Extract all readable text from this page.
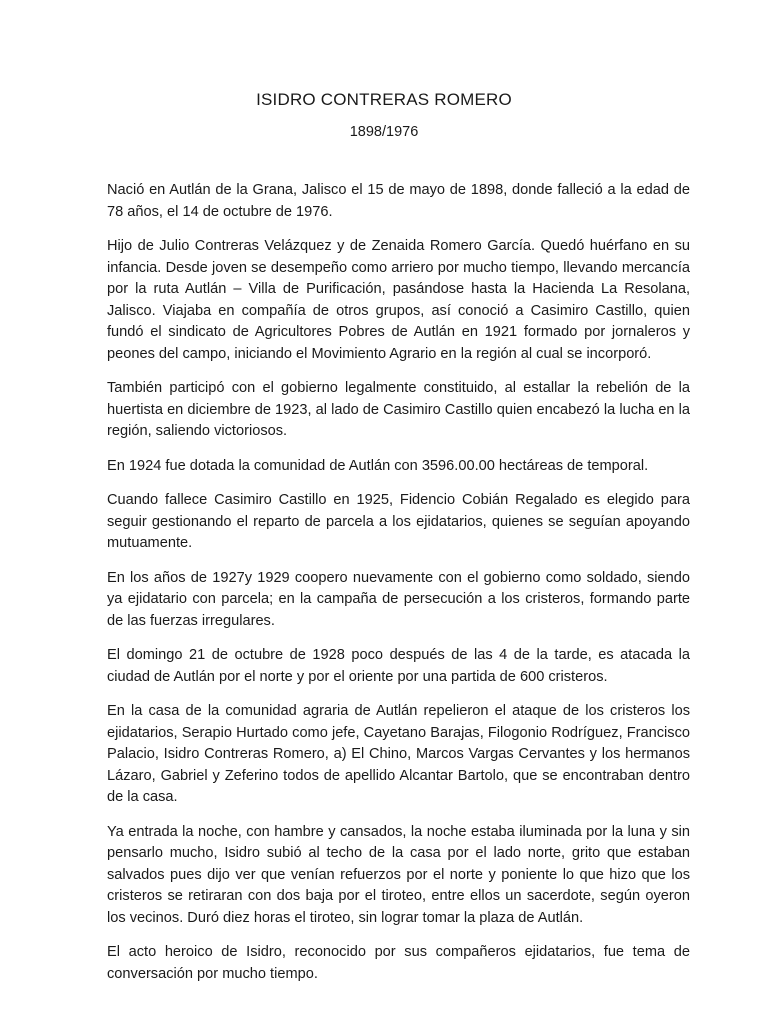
ISIDRO CONTRERAS ROMERO
1898/1976

Nació en Autlán de la Grana, Jalisco el 15 de mayo de 1898, donde falleció a la edad de 78 años, el 14 de octubre de 1976.

Hijo de Julio Contreras Velázquez y de Zenaida Romero García. Quedó huérfano en su infancia. Desde joven se desempeño como arriero por mucho tiempo, llevando mercancía por la ruta Autlán – Villa de Purificación, pasándose hasta la Hacienda La Resolana, Jalisco. Viajaba en compañía de otros grupos, así conoció a Casimiro Castillo, quien fundó el sindicato de Agricultores Pobres de Autlán en 1921 formado por jornaleros y peones del campo, iniciando el Movimiento Agrario en la región al cual se incorporó.

También participó con el gobierno legalmente constituido, al estallar la rebelión de la huertista en diciembre de 1923, al lado de Casimiro Castillo quien encabezó la lucha en la región, saliendo victoriosos.

En 1924 fue dotada la comunidad de Autlán con 3596.00.00 hectáreas de temporal.

Cuando fallece Casimiro Castillo en 1925, Fidencio Cobián Regalado es elegido para seguir gestionando el reparto de parcela a los ejidatarios, quienes se seguían apoyando mutuamente.

En los años de 1927y 1929 coopero nuevamente con el gobierno como soldado, siendo ya ejidatario con parcela; en la campaña de persecución a los cristeros, formando parte de las fuerzas irregulares.

El domingo 21 de octubre de 1928 poco después de las 4 de la tarde, es atacada la ciudad de Autlán por el norte y por el oriente por una partida de 600 cristeros.

En la casa de la comunidad agraria de Autlán repelieron el ataque de los cristeros los ejidatarios, Serapio Hurtado como jefe, Cayetano Barajas, Filogonio Rodríguez, Francisco Palacio, Isidro Contreras Romero, a) El Chino, Marcos Vargas Cervantes y los hermanos Lázaro, Gabriel y Zeferino todos de apellido Alcantar Bartolo, que se encontraban dentro de la casa.

Ya entrada la noche, con hambre y cansados, la noche estaba iluminada por la luna y sin pensarlo mucho, Isidro subió al techo de la casa por el lado norte, grito que estaban salvados pues dijo ver que venían refuerzos por el norte y poniente lo que hizo que los cristeros se retiraran con dos baja por el tiroteo, entre ellos un sacerdote, según oyeron los vecinos. Duró diez horas el tiroteo, sin lograr tomar la plaza de Autlán.

El acto heroico de Isidro, reconocido por sus compañeros ejidatarios, fue tema de conversación por mucho tiempo.
